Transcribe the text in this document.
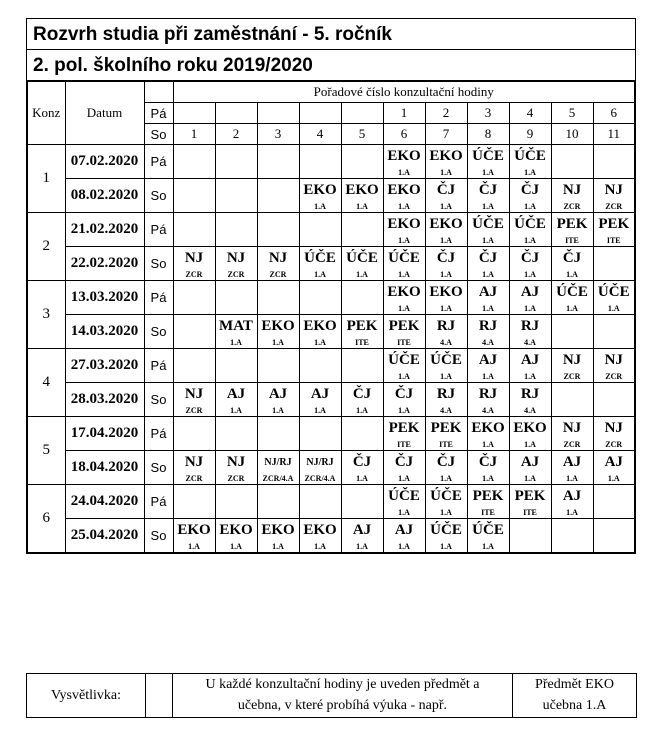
Rozvrh studia při zaměstnání - 5. ročník
2. pol. školního roku 2019/2020
Konz	Datum		Pořadové číslo konzultační hodiny										
		Pá						1	2	3	4	5	6
		So	1	2	3	4	5	6	7	8	9	10	11
1	07.02.2020	Pá						EKO	EKO	ÚČE	ÚČE		
								1.A	1.A	1.A	1.A		
	08.02.2020	So				EKO	EKO	EKO	ČJ	ČJ	ČJ	NJ	NJ
						1.A	1.A	1.A	1.A	1.A	1.A	ZCR	ZCR
2	21.02.2020	Pá						EKO	EKO	ÚČE	ÚČE	PEK	PEK
								1.A	1.A	1.A	1.A	ITE	ITE
	22.02.2020	So	NJ	NJ	NJ	ÚČE	ÚČE	ÚČE	ČJ	ČJ	ČJ	ČJ	
			ZCR	ZCR	ZCR	1.A	1.A	1.A	1.A	1.A	1.A	1.A	
3	13.03.2020	Pá						EKO	EKO	AJ	AJ	ÚČE	ÚČE
								1.A	1.A	1.A	1.A	1.A	1.A
	14.03.2020	So		MAT	EKO	EKO	PEK	PEK	RJ	RJ	RJ		
				1.A	1.A	1.A	ITE	ITE	4.A	4.A	4.A		
4	27.03.2020	Pá						ÚČE	ÚČE	AJ	AJ	NJ	NJ
								1.A	1.A	1.A	1.A	ZCR	ZCR
	28.03.2020	So	NJ	AJ	AJ	AJ	ČJ	ČJ	RJ	RJ	RJ		
			ZCR	1.A	1.A	1.A	1.A	1.A	4.A	4.A	4.A		
5	17.04.2020	Pá						PEK	PEK	EKO	EKO	NJ	NJ
								ITE	ITE	1.A	1.A	ZCR	ZCR
	18.04.2020	So	NJ	NJ	NJ/RJ	NJ/RJ	ČJ	ČJ	ČJ	ČJ	AJ	AJ	AJ
			ZCR	ZCR	ZCR/4.A	ZCR/4.A	1.A	1.A	1.A	1.A	1.A	1.A	1.A
6	24.04.2020	Pá						ÚČE	ÚČE	PEK	PEK	AJ	
								1.A	1.A	ITE	ITE	1.A	
	25.04.2020	So	EKO	EKO	EKO	EKO	AJ	AJ	ÚČE	ÚČE			
			1.A	1.A	1.A	1.A	1.A	1.A	1.A	1.A			
Vysvětlivka:		U každé konzultační hodiny je uveden předmět a	Předmět EKO
		učebna, v které probíhá výuka - např.	učebna 1.A
